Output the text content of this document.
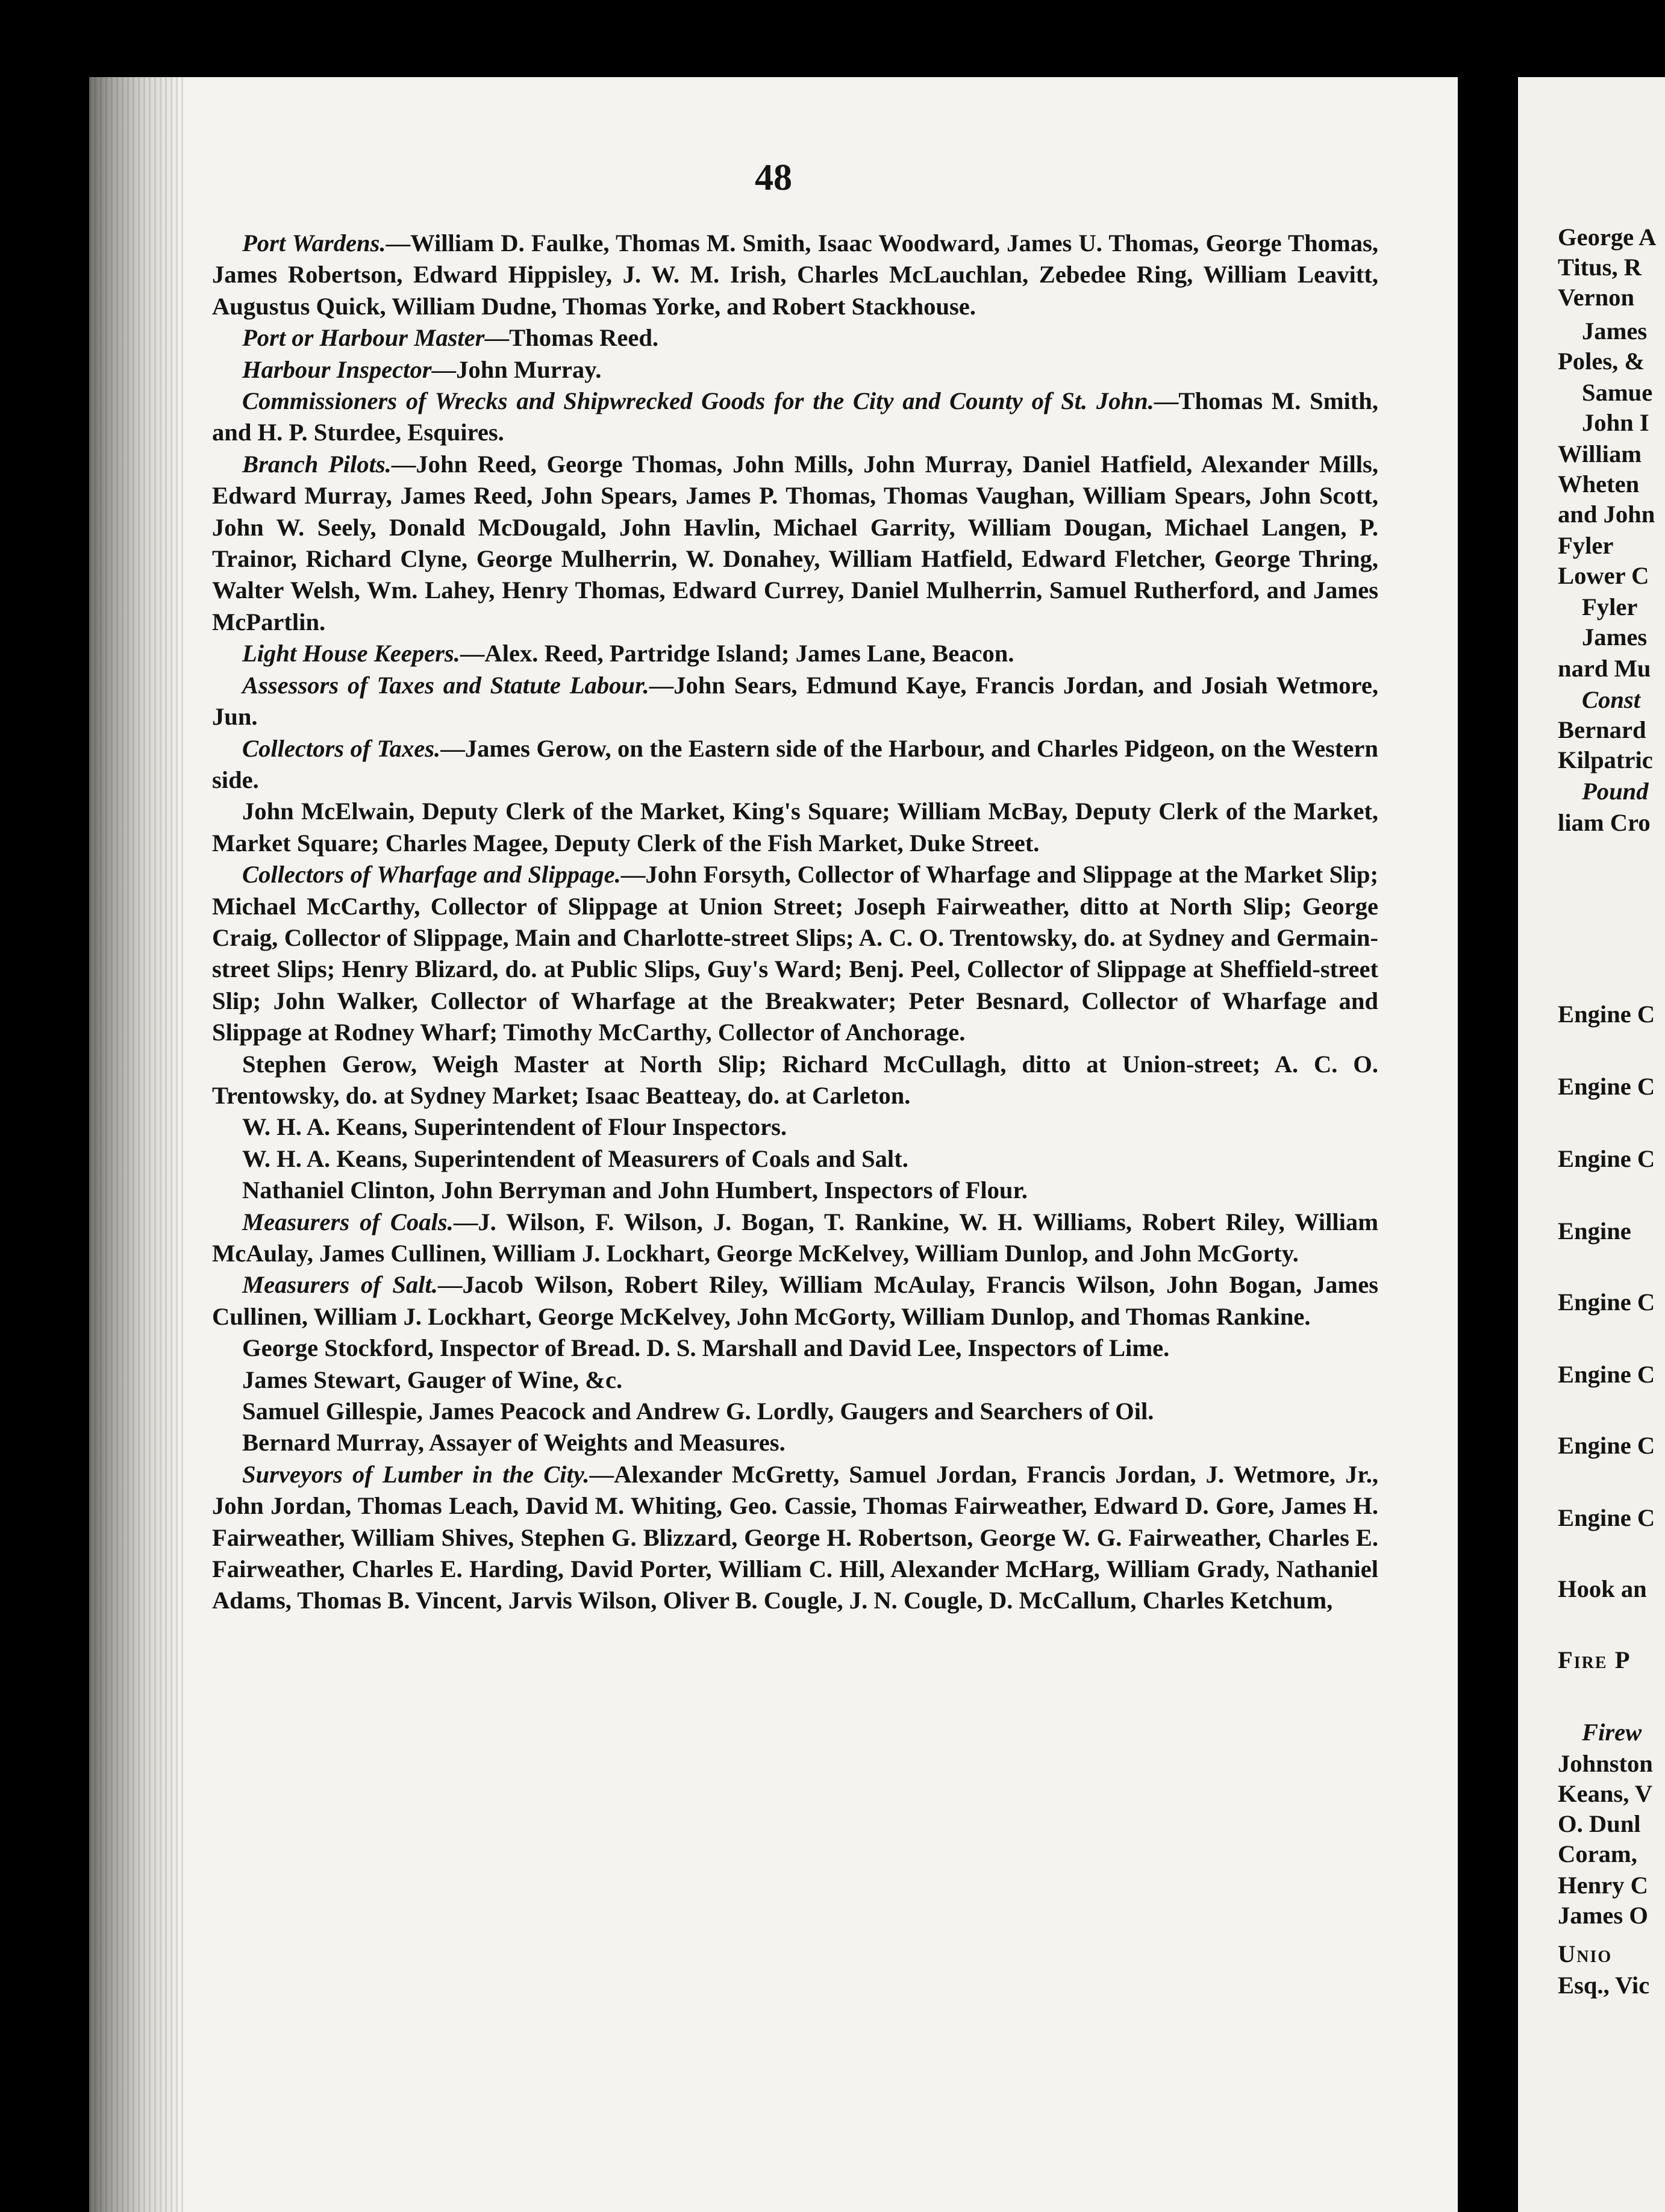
48

Port Wardens.—William D. Faulke, Thomas M. Smith, Isaac Woodward, James U. Thomas, George Thomas, James Robertson, Edward Hippisley, J. W. M. Irish, Charles McLauchlan, Zebedee Ring, William Leavitt, Augustus Quick, William Dudne, Thomas Yorke, and Robert Stackhouse.

Port or Harbour Master—Thomas Reed.

Harbour Inspector—John Murray.

Commissioners of Wrecks and Shipwrecked Goods for the City and County of St. John.—Thomas M. Smith, and H. P. Sturdee, Esquires.

Branch Pilots.—John Reed, George Thomas, John Mills, John Murray, Daniel Hatfield, Alexander Mills, Edward Murray, James Reed, John Spears, James P. Thomas, Thomas Vaughan, William Spears, John Scott, John W. Seely, Donald McDougald, John Havlin, Michael Garrity, William Dougan, Michael Langen, P. Trainor, Richard Clyne, George Mulherrin, W. Donahey, William Hatfield, Edward Fletcher, George Thring, Walter Welsh, Wm. Lahey, Henry Thomas, Edward Currey, Daniel Mulherrin, Samuel Rutherford, and James McPartlin.

Light House Keepers.—Alex. Reed, Partridge Island; James Lane, Beacon.

Assessors of Taxes and Statute Labour.—John Sears, Edmund Kaye, Francis Jordan, and Josiah Wetmore, Jun.

Collectors of Taxes.—James Gerow, on the Eastern side of the Harbour, and Charles Pidgeon, on the Western side.

John McElwain, Deputy Clerk of the Market, King's Square; William McBay, Deputy Clerk of the Market, Market Square; Charles Magee, Deputy Clerk of the Fish Market, Duke Street.

Collectors of Wharfage and Slippage.—John Forsyth, Collector of Wharfage and Slippage at the Market Slip; Michael McCarthy, Collector of Slippage at Union Street; Joseph Fairweather, ditto at North Slip; George Craig, Collector of Slippage, Main and Charlotte-street Slips; A. C. O. Trentowsky, do. at Sydney and Germain-street Slips; Henry Blizard, do. at Public Slips, Guy's Ward; Benj. Peel, Collector of Slippage at Sheffield-street Slip; John Walker, Collector of Wharfage at the Breakwater; Peter Besnard, Collector of Wharfage and Slippage at Rodney Wharf; Timothy McCarthy, Collector of Anchorage.

Stephen Gerow, Weigh Master at North Slip; Richard McCullagh, ditto at Union-street; A. C. O. Trentowsky, do. at Sydney Market; Isaac Beatteay, do. at Carleton.

W. H. A. Keans, Superintendent of Flour Inspectors.

W. H. A. Keans, Superintendent of Measurers of Coals and Salt.

Nathaniel Clinton, John Berryman and John Humbert, Inspectors of Flour.

Measurers of Coals.—J. Wilson, F. Wilson, J. Bogan, T. Rankine, W. H. Williams, Robert Riley, William McAulay, James Cullinen, William J. Lockhart, George McKelvey, William Dunlop, and John McGorty.

Measurers of Salt.—Jacob Wilson, Robert Riley, William McAulay, Francis Wilson, John Bogan, James Cullinen, William J. Lockhart, George McKelvey, John McGorty, William Dunlop, and Thomas Rankine.

George Stockford, Inspector of Bread. D. S. Marshall and David Lee, Inspectors of Lime.

James Stewart, Gauger of Wine, &c.

Samuel Gillespie, James Peacock and Andrew G. Lordly, Gaugers and Searchers of Oil.

Bernard Murray, Assayer of Weights and Measures.

Surveyors of Lumber in the City.—Alexander McGretty, Samuel Jordan, Francis Jordan, J. Wetmore, Jr., John Jordan, Thomas Leach, David M. Whiting, Geo. Cassie, Thomas Fairweather, Edward D. Gore, James H. Fairweather, William Shives, Stephen G. Blizzard, George H. Robertson, George W. G. Fairweather, Charles E. Fairweather, Charles E. Harding, David Porter, William C. Hill, Alexander McHarg, William Grady, Nathaniel Adams, Thomas B. Vincent, Jarvis Wilson, Oliver B. Cougle, J. N. Cougle, D. McCallum, Charles Ketchum,

George A
Titus, R
Vernon
James
Poles, &
Samue
John I
William
Wheten
and John
Fyler
Lower C
Fyler
James
nard Mu
Const
Bernard
Kilpatric
Pound
liam Cro
Engine C
Engine C
Engine C
Engine
Engine C
Engine C
Engine C
Engine C
Hook an
Fire P
Firew
Johnston
Keans, V
O. Dunl
Coram,
Henry C
James O
Unio
Esq., Vic
